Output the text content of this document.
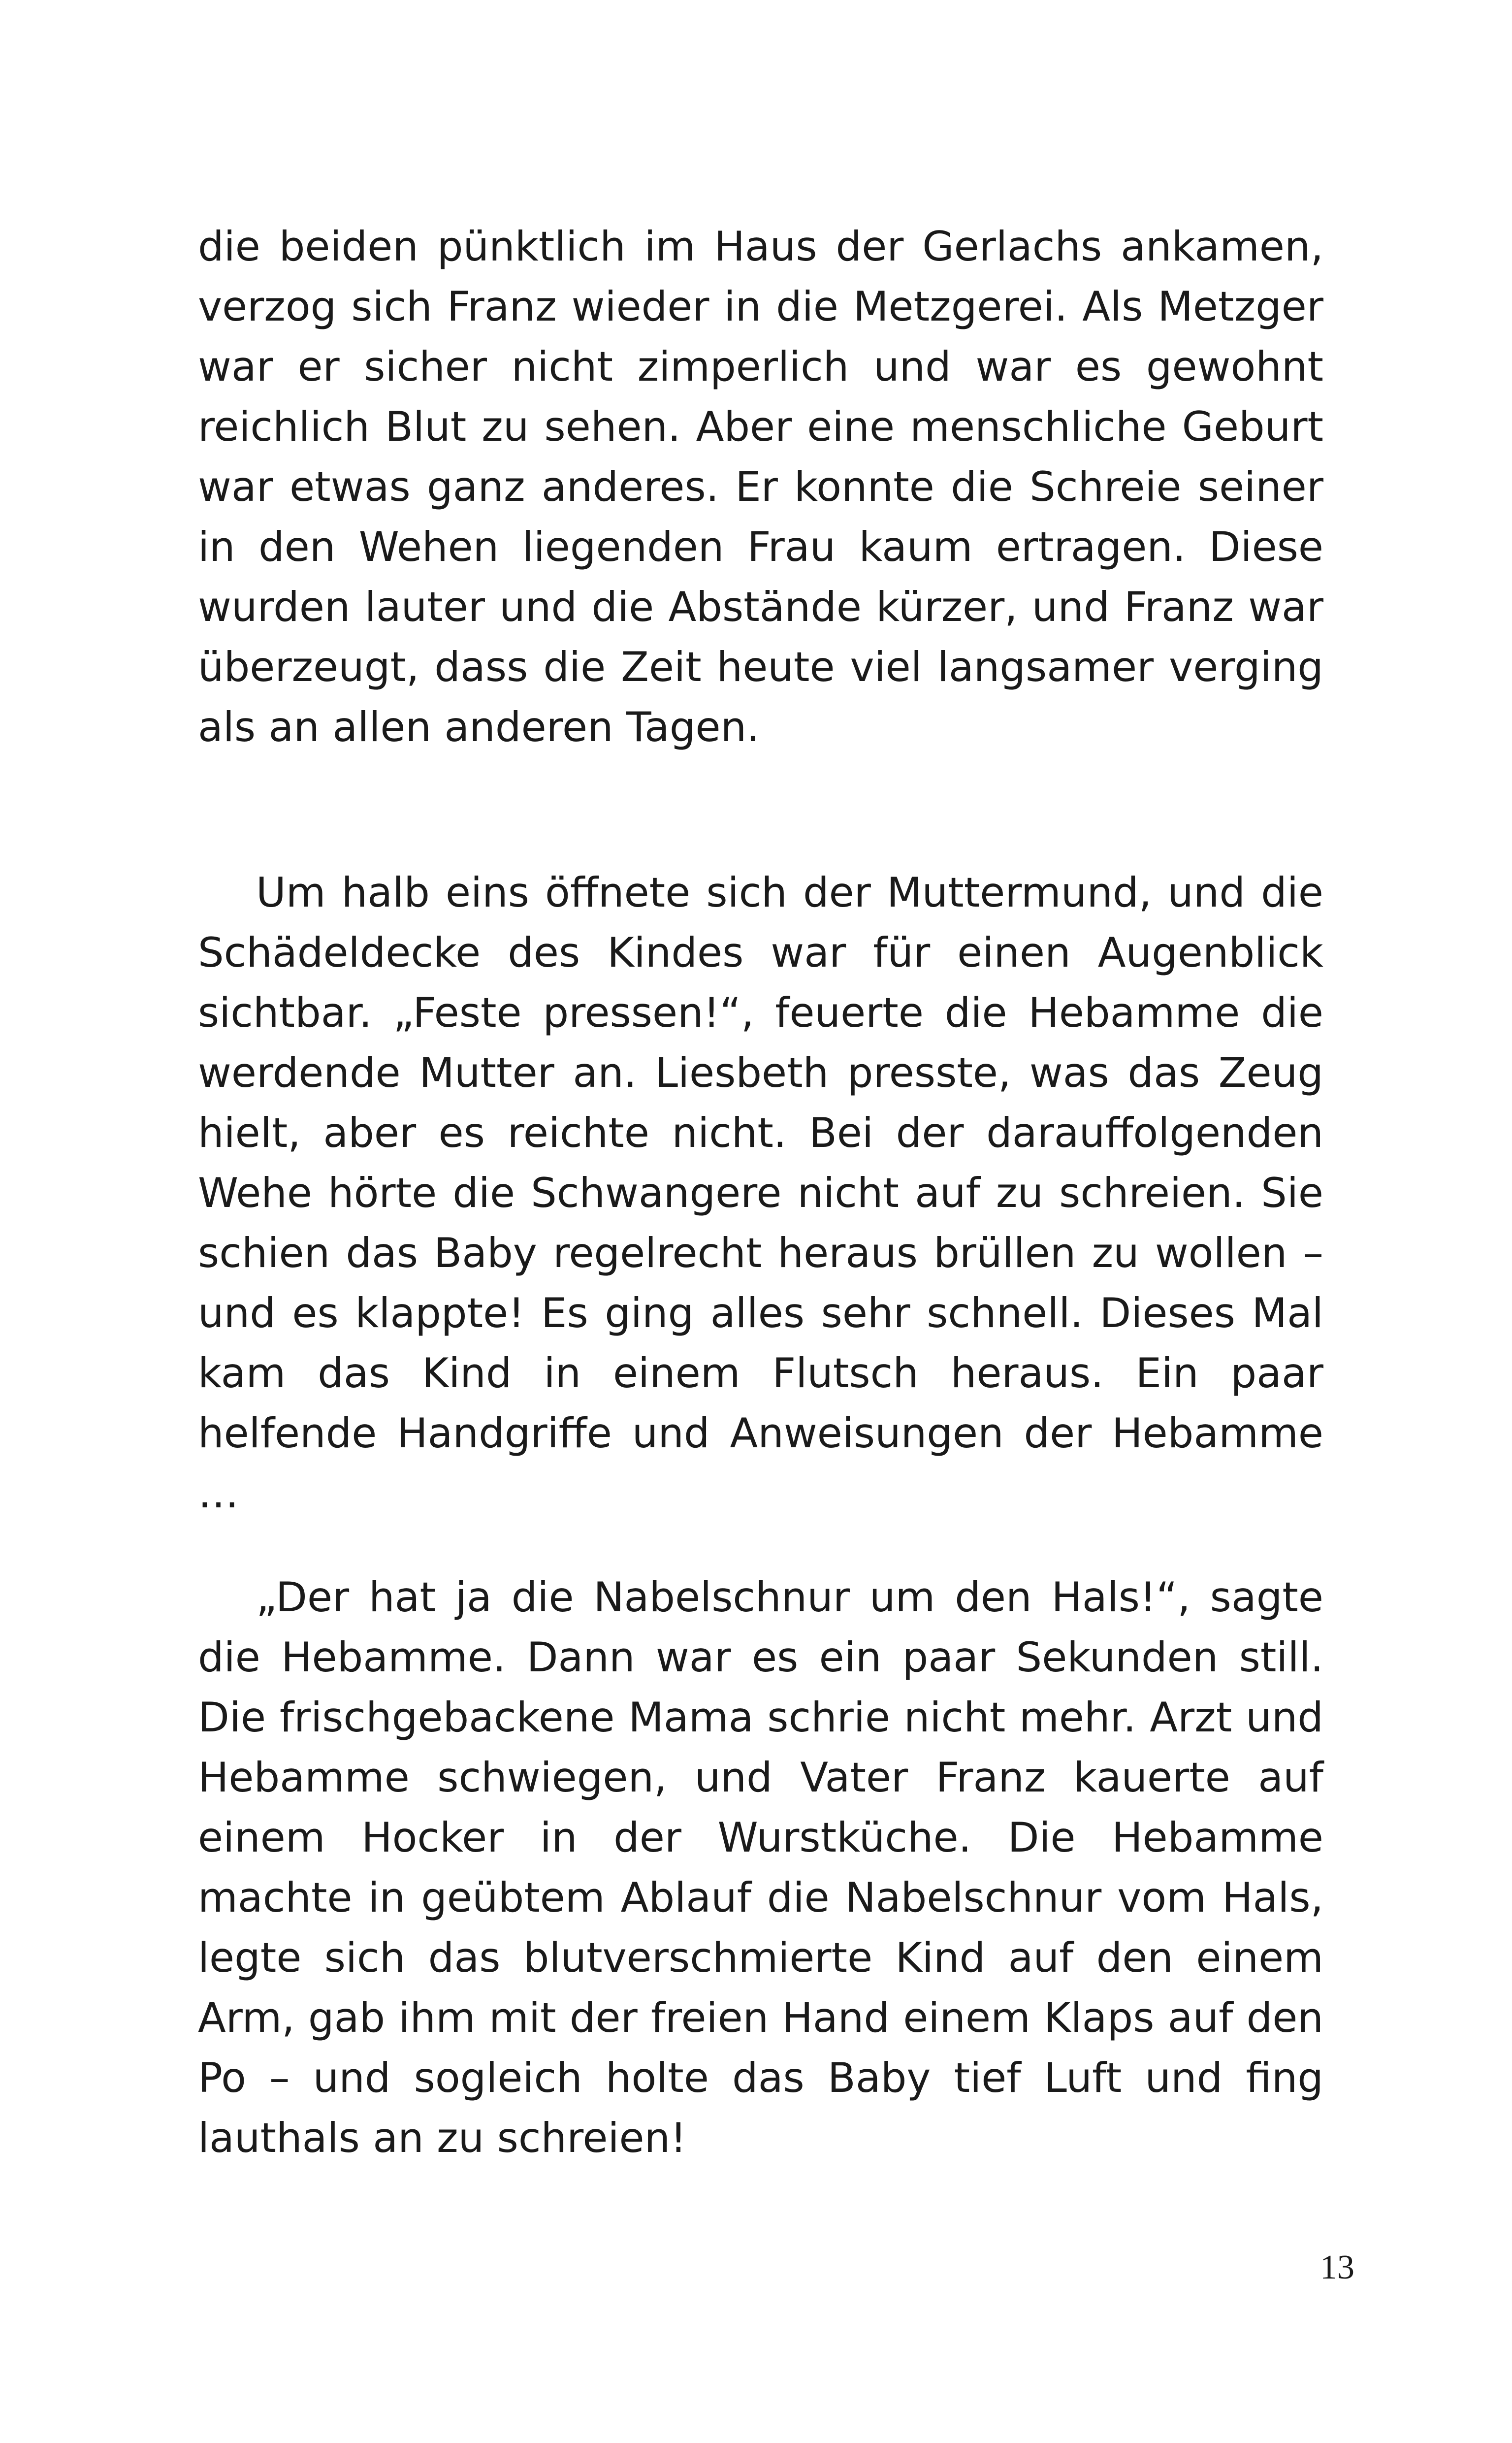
die beiden pünktlich im Haus der Gerlachs ankamen, verzog sich Franz wieder in die Metzgerei. Als Metzger war er sicher nicht zimperlich und war es gewohnt reichlich Blut zu sehen. Aber eine menschliche Geburt war etwas ganz anderes. Er konnte die Schreie seiner in den Wehen liegenden Frau kaum ertragen. Diese wurden lauter und die Abstände kürzer, und Franz war überzeugt, dass die Zeit heute viel langsamer verging als an allen anderen Tagen.

Um halb eins öffnete sich der Muttermund, und die Schädeldecke des Kindes war für einen Augenblick sichtbar. „Feste pressen!“, feuerte die Hebamme die werdende Mutter an. Liesbeth presste, was das Zeug hielt, aber es reichte nicht. Bei der darauffolgenden Wehe hörte die Schwangere nicht auf zu schreien. Sie schien das Baby regelrecht heraus brüllen zu wollen – und es klappte! Es ging alles sehr schnell. Dieses Mal kam das Kind in einem Flutsch heraus. Ein paar helfende Handgriffe und Anweisungen der Hebamme …

„Der hat ja die Nabelschnur um den Hals!“, sagte die Hebamme. Dann war es ein paar Sekunden still. Die frischgebackene Mama schrie nicht mehr. Arzt und Hebamme schwiegen, und Vater Franz kauerte auf einem Hocker in der Wurstküche. Die Hebamme machte in geübtem Ablauf die Nabelschnur vom Hals, legte sich das blutverschmierte Kind auf den einem Arm, gab ihm mit der freien Hand einem Klaps auf den Po – und sogleich holte das Baby tief Luft und fing lauthals an zu schreien!

13
